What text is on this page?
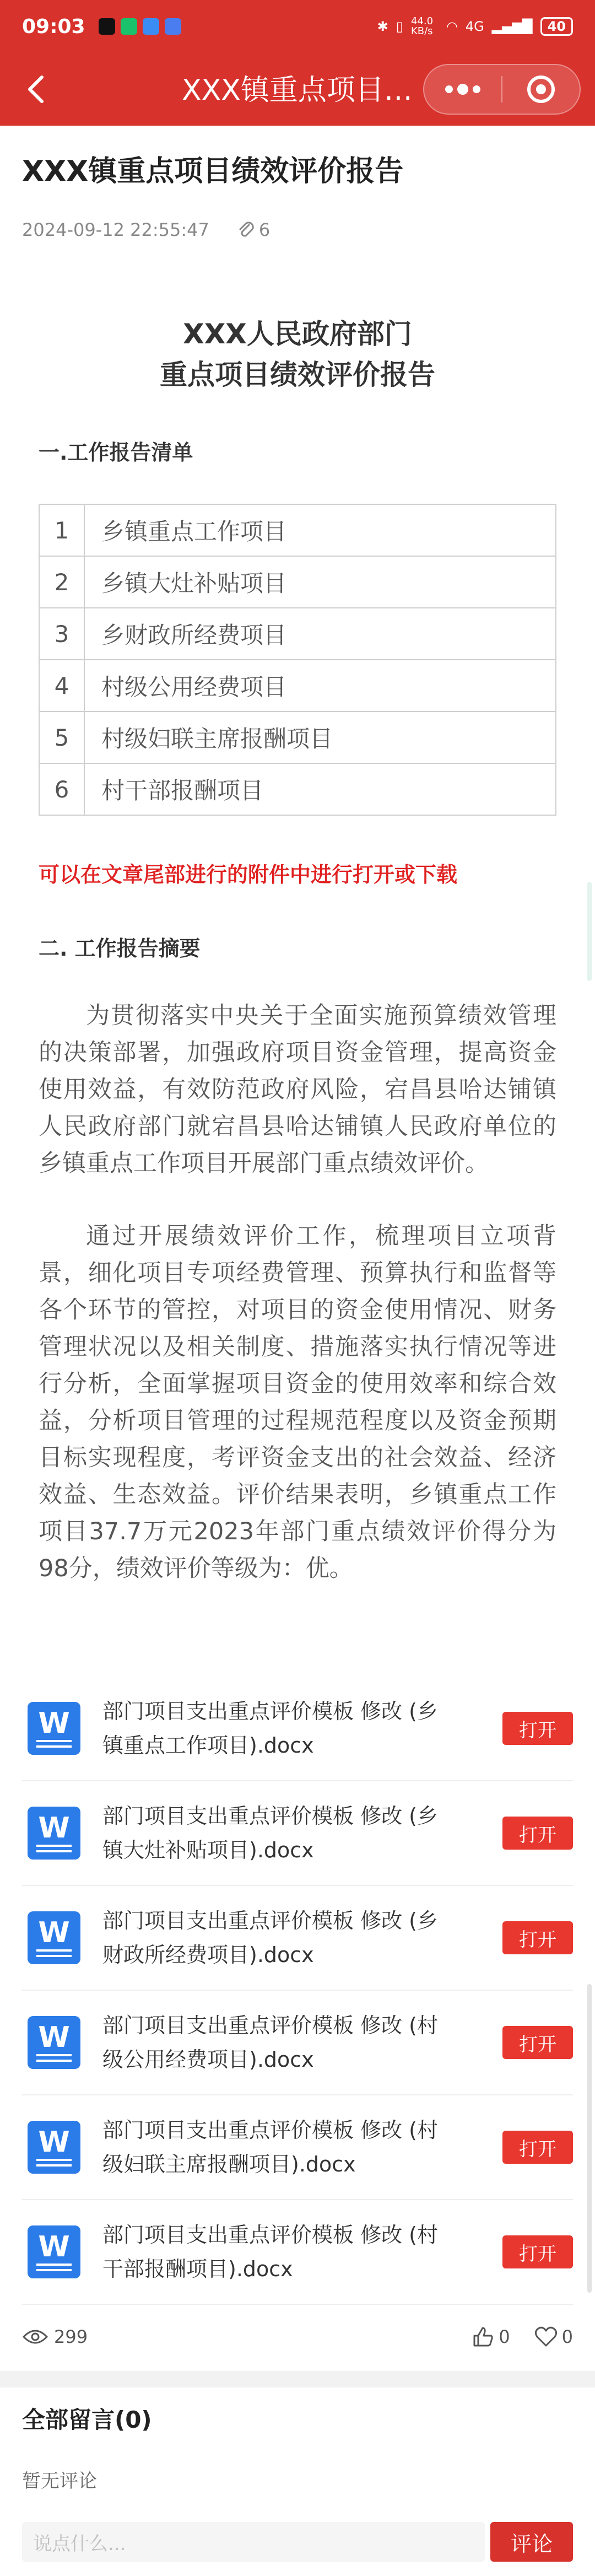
09:03	✱ ▯ 44.0 KB/s	◠ 4G ▂▄▆█	40
XXX镇重点项目…
XXX镇重点项目绩效评价报告
2024-09-12 22:55:47	6
XXX人民政府部门
重点项目绩效评价报告
一.工作报告清单
1	乡镇重点工作项目
2	乡镇大灶补贴项目
3	乡财政所经费项目
4	村级公用经费项目
5	村级妇联主席报酬项目
6	村干部报酬项目
可以在文章尾部进行的附件中进行打开或下载
二. 工作报告摘要
为贯彻落实中央关于全面实施预算绩效管理的决策部署，加强政府项目资金管理，提高资金使用效益，有效防范政府风险，宕昌县哈达铺镇人民政府部门就宕昌县哈达铺镇人民政府单位的乡镇重点工作项目开展部门重点绩效评价。
通过开展绩效评价工作，梳理项目立项背景，细化项目专项经费管理、预算执行和监督等各个环节的管控，对项目的资金使用情况、财务管理状况以及相关制度、措施落实执行情况等进行分析，全面掌握项目资金的使用效率和综合效益，分析项目管理的过程规范程度以及资金预期目标实现程度，考评资金支出的社会效益、经济效益、生态效益。评价结果表明，乡镇重点工作项目37.7万元2023年部门重点绩效评价得分为98分，绩效评价等级为：优。
W 部门项目支出重点评价模板 修改 (乡镇重点工作项目).docx
打开
W 部门项目支出重点评价模板 修改 (乡镇大灶补贴项目).docx
打开
W 部门项目支出重点评价模板 修改 (乡财政所经费项目).docx
打开
W 部门项目支出重点评价模板 修改 (村级公用经费项目).docx
打开
W 部门项目支出重点评价模板 修改 (村级妇联主席报酬项目).docx
打开
W 部门项目支出重点评价模板 修改 (村干部报酬项目).docx
打开
299	0	0
全部留言(0)
暂无评论
说点什么...	评论
